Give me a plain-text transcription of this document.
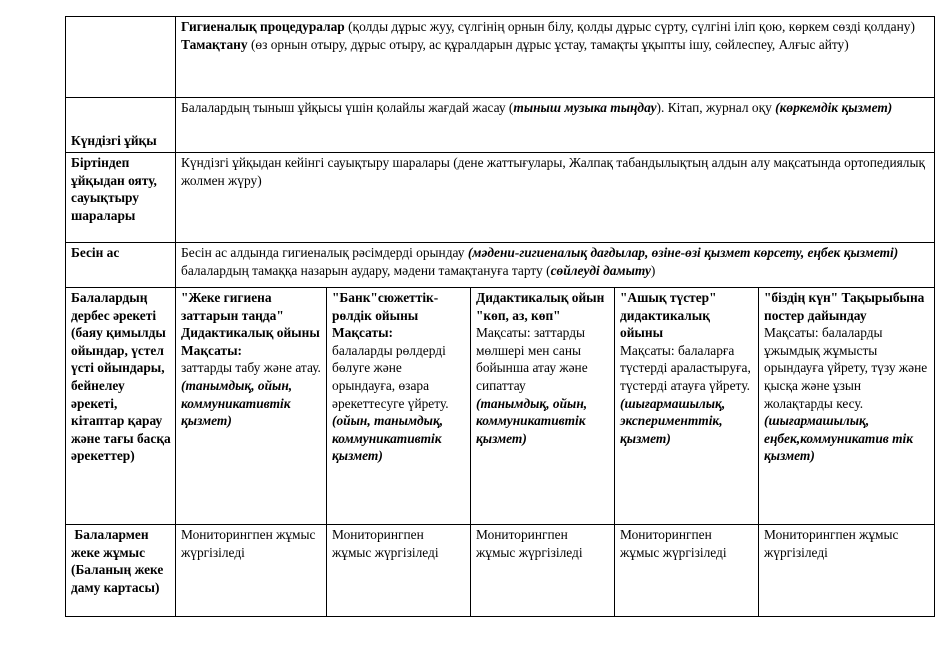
	Гигиеналық процедуралар (қолды дұрыс жуу, сүлгінің орнын білу, қолды дұрыс сүрту, сүлгіні іліп қою, көркем сөзді қолдану)
Тамақтану (өз орнын отыру, дұрыс отыру, ас құралдарын дұрыс ұстау, тамақты ұқыпты ішу, сөйлеспеу, Алғыс айту)				
Күндізгі ұйқы	Балалардың тыныш ұйқысы үшін қолайлы жағдай жасау (тыныш музыка тыңдау). Кітап, журнал оқу (көркемдік қызмет)				
Біртіндеп ұйқыдан ояту, сауықтыру шаралары	Күндізгі ұйқыдан кейінгі сауықтыру шаралары (дене жаттығулары, Жалпақ табандылықтың алдын алу мақсатында ортопедиялық жолмен жүру)				
Бесін ас	Бесін ас алдында гигиеналық рәсімдерді орындау (мәдени-гигиеналық дағдылар, өзіне-өзі қызмет көрсету, еңбек қызметі) балалардың тамаққа назарын аудару, мәдени тамақтануға тарту (сөйлеуді дамыту)				
Балалардың дербес әрекеті (баяу қимылды ойындар, үстел үсті ойындары, бейнелеу әрекеті, кітаптар қарау және тағы басқа әрекеттер)	"Жеке гигиена заттарын таңда" Дидактикалық ойыны
Мақсаты:
заттарды табу және атау.
(танымдық, ойын, коммуникативтік қызмет)	"Банк"сюжеттік-рөлдік ойыны
Мақсаты:
балаларды рөлдерді бөлуге және орындауға, өзара әрекеттесуге үйрету.
(ойын, танымдық, коммуникативтік қызмет)	Дидактикалық ойын "көп, аз, көп"
Мақсаты: заттарды мөлшері мен саны бойынша атау және сипаттау
(танымдық, ойын, коммуникативтік қызмет)	"Ашық түстер" дидактикалық ойыны
Мақсаты: балаларға түстерді араластыруға, түстерді атауға үйрету.
(шығармашылық, эксперименттік, қызмет)	"біздің күн" Тақырыбына постер дайындау
Мақсаты: балаларды ұжымдық жұмысты орындауға үйрету, түзу және қысқа және ұзын жолақтарды кесу.
(шығармашылық, еңбек,коммуникатив тік қызмет)
Балалармен жеке жұмыс (Баланың жеке даму картасы)	Мониторингпен жұмыс жүргізіледі	Мониторингпен жұмыс жүргізіледі	Мониторингпен жұмыс жүргізіледі	Мониторингпен жұмыс жүргізіледі	Мониторингпен жұмыс жүргізіледі
